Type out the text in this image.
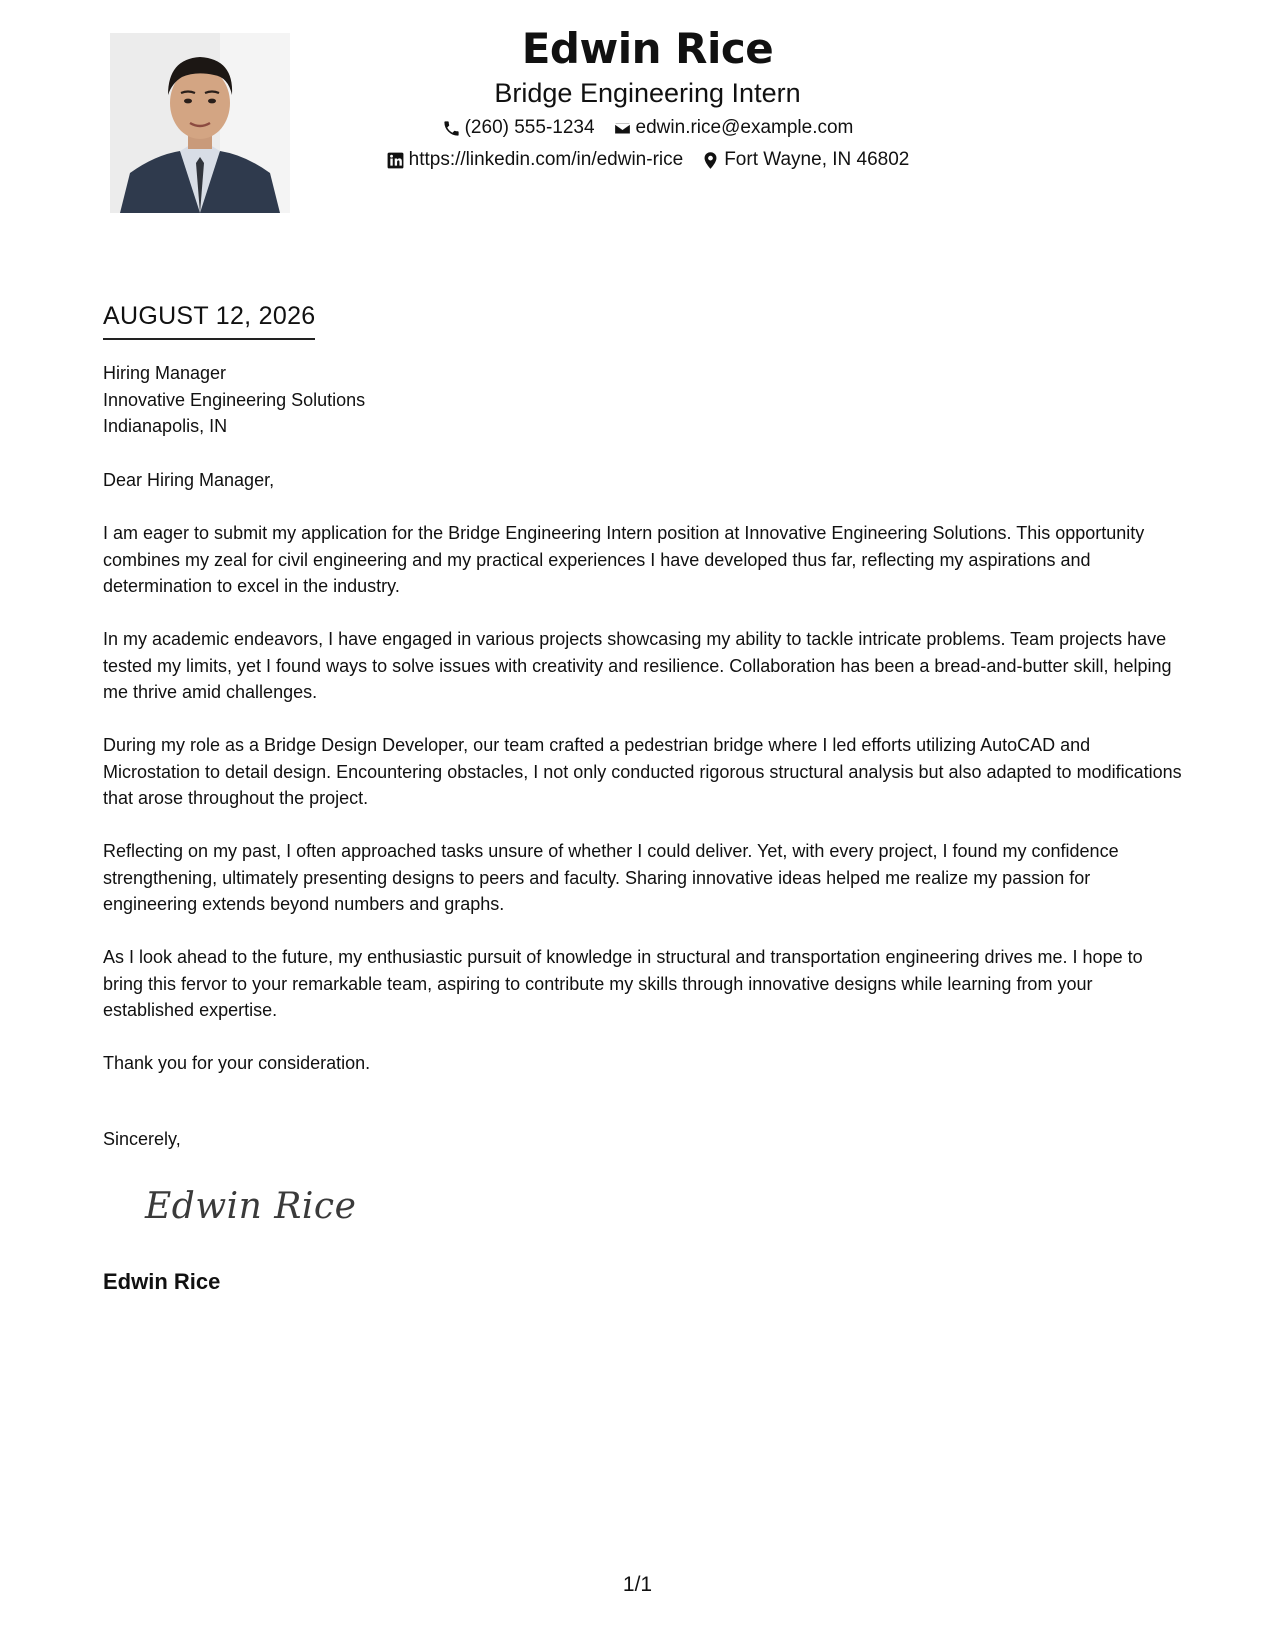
Edwin Rice
Bridge Engineering Intern
(260) 555-1234 edwin.rice@example.com
https://linkedin.com/in/edwin-rice Fort Wayne, IN 46802
AUGUST 12, 2026
Hiring Manager
Innovative Engineering Solutions
Indianapolis, IN

Dear Hiring Manager,

I am eager to submit my application for the Bridge Engineering Intern position at Innovative Engineering Solutions. This opportunity combines my zeal for civil engineering and my practical experiences I have developed thus far, reflecting my aspirations and determination to excel in the industry.

In my academic endeavors, I have engaged in various projects showcasing my ability to tackle intricate problems. Team projects have tested my limits, yet I found ways to solve issues with creativity and resilience. Collaboration has been a bread-and-butter skill, helping me thrive amid challenges.

During my role as a Bridge Design Developer, our team crafted a pedestrian bridge where I led efforts utilizing AutoCAD and Microstation to detail design. Encountering obstacles, I not only conducted rigorous structural analysis but also adapted to modifications that arose throughout the project.

Reflecting on my past, I often approached tasks unsure of whether I could deliver. Yet, with every project, I found my confidence strengthening, ultimately presenting designs to peers and faculty. Sharing innovative ideas helped me realize my passion for engineering extends beyond numbers and graphs.

As I look ahead to the future, my enthusiastic pursuit of knowledge in structural and transportation engineering drives me. I hope to bring this fervor to your remarkable team, aspiring to contribute my skills through innovative designs while learning from your established expertise.

Thank you for your consideration.

Sincerely,
Edwin Rice
Edwin Rice
1/1
